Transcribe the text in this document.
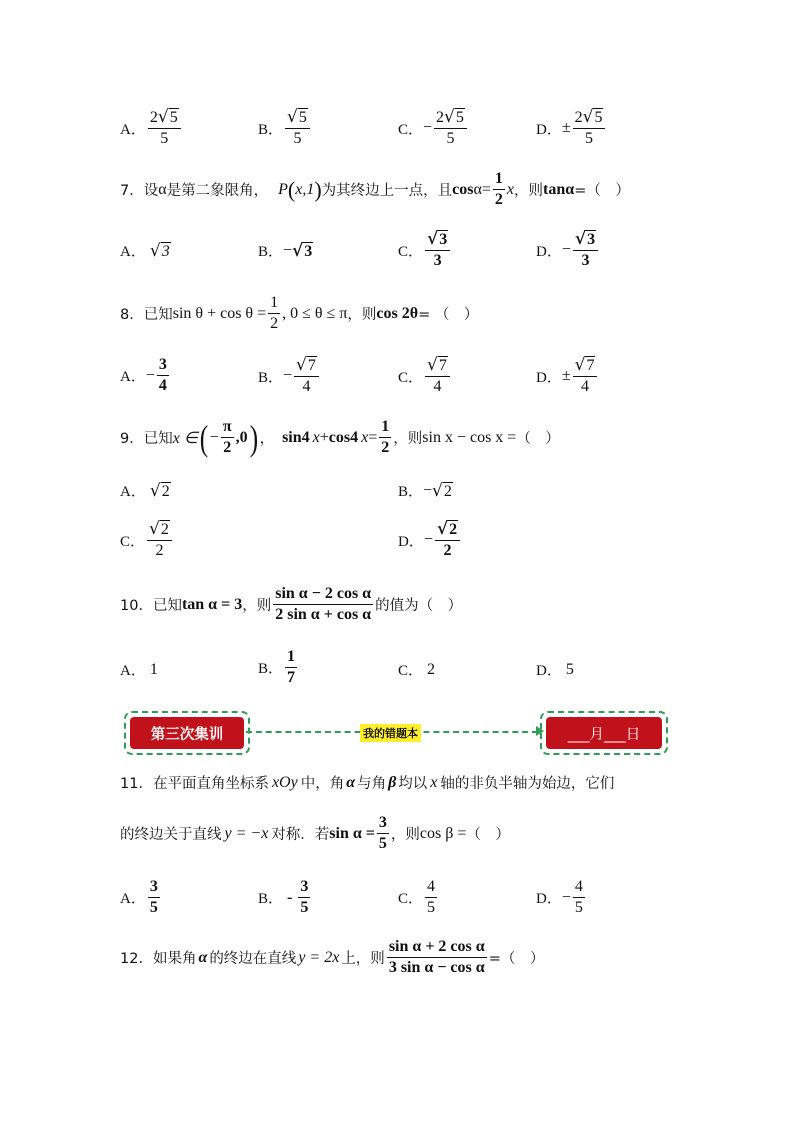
A． $\frac{2 √ 5}{5}$	B． $\frac{√ 5}{5}$	C． − $\frac{2 √ 5}{5}$	D． ± $\frac{2 √ 5}{5}$
7．设 α 是第二象限角， P ( x,1 ) 为其终边上一点，且 $\cos \alpha = \frac{1}{2}$ x ，则 tanα =（　）
A． √ 3	B． − √ 3	C． $\frac{√ 3}{3}$	D． − $\frac{√ 3}{3}$
8．已知 $\sin \theta + \cos \theta = \frac{1}{2}$ , 0 ≤ θ ≤ π ，则 cos 2θ = （　）
A． − $\frac{3}{4}$	B． − $\frac{√ 7}{4}$	C． $\frac{√ 7}{4}$	D． ± $\frac{√ 7}{4}$
9．已知 x ∈ ( − $\frac{\pi}{2} ,0$ ) ， sin 4 x + cos 4 $x = \frac{1}{2}$ ，则 sin x − cos x = （　）
A． √ 2	B． − √ 2
C． $\frac{√ 2}{2}$	D． − $\frac{√ 2}{2}$
10．已知 tan α = 3 ，则 $\frac{\text{sin α − 2 cos α}}{\text{2 sin α + cos α}}$ 的值为（　）
A． 1	B． $\frac{1}{7}$	C． 2	D． 5
第三次集训	我的错题本	___月___日
11．在平面直角坐标系 xOy 中，角 α 与角 β 均以 x 轴的非负半轴为始边，它们
的终边关于直线 y = −x 对称．若 $\sin \alpha = \frac{3}{5}$ ，则 cos β = （　）
A． $\frac{3}{5}$	B． - $\frac{3}{5}$	C． $\frac{4}{5}$	D． − $\frac{4}{5}$
12．如果角 α 的终边在直线 y = 2x 上，则 $\frac{\text{sin α + 2 cos α}}{\text{3 sin α − cos α}}$ =（　）
